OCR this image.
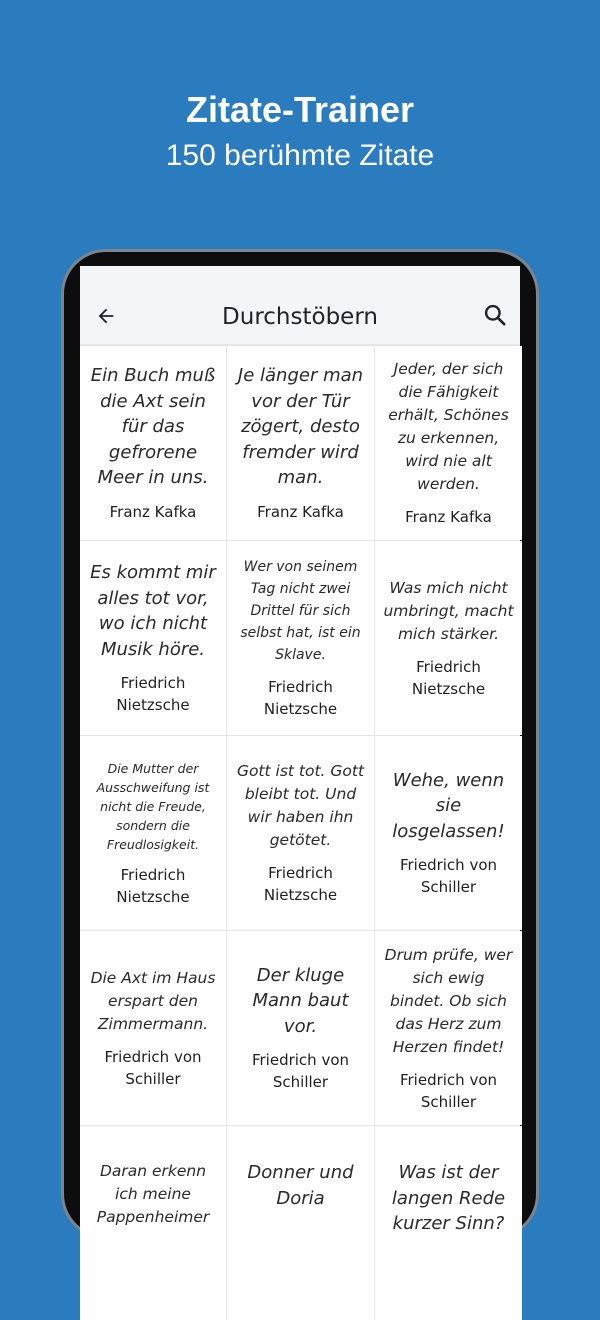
Zitate-Trainer
150 berühmte Zitate
Durchstöbern
Ein Buch muß die Axt sein für das gefrorene Meer in uns.
Franz Kafka
Je länger man vor der Tür zögert, desto fremder wird man.
Franz Kafka
Jeder, der sich die Fähigkeit erhält, Schönes zu erkennen, wird nie alt werden.
Franz Kafka
Es kommt mir alles tot vor, wo ich nicht Musik höre.
Friedrich Nietzsche
Wer von seinem Tag nicht zwei Drittel für sich selbst hat, ist ein Sklave.
Friedrich Nietzsche
Was mich nicht umbringt, macht mich stärker.
Friedrich Nietzsche
Die Mutter der Ausschweifung ist nicht die Freude, sondern die Freudlosigkeit.
Friedrich Nietzsche
Gott ist tot. Gott bleibt tot. Und wir haben ihn getötet.
Friedrich Nietzsche
Wehe, wenn sie losgelassen!
Friedrich von Schiller
Die Axt im Haus erspart den Zimmermann.
Friedrich von Schiller
Der kluge Mann baut vor.
Friedrich von Schiller
Drum prüfe, wer sich ewig bindet. Ob sich das Herz zum Herzen findet!
Friedrich von Schiller
Daran erkenn ich meine Pappenheimer
Donner und Doria
Was ist der langen Rede kurzer Sinn?
